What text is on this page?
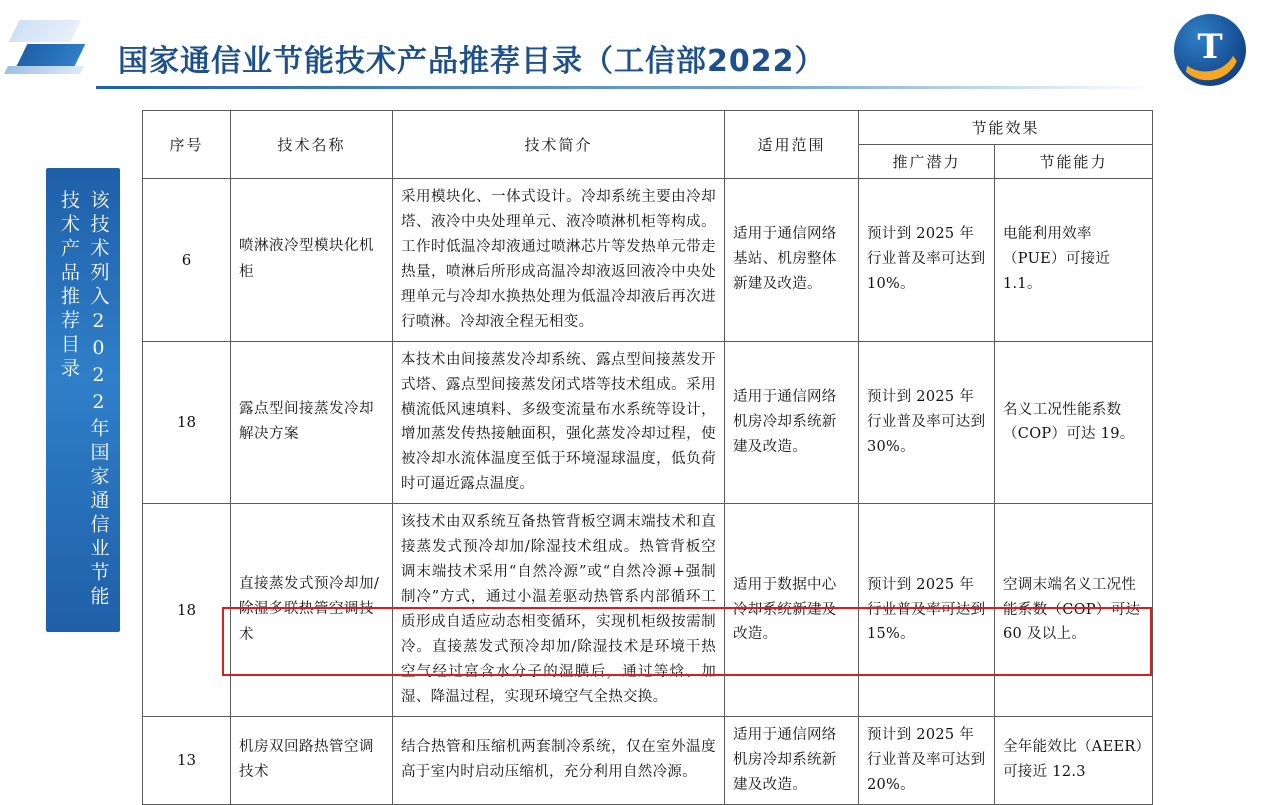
国家通信业节能技术产品推荐目录（工信部2022）	T
该技术列入2022年国家通信业节能技术产品推荐目录
序号	技术名称	技术简介	适用范围	节能效果	
				推广潜力	节能能力
6	喷淋液冷型模块化机柜	采用模块化、一体式设计。冷却系统主要由冷却塔、液冷中央处理单元、液冷喷淋机柜等构成。工作时低温冷却液通过喷淋芯片等发热单元带走热量，喷淋后所形成高温冷却液返回液冷中央处理单元与冷却水换热处理为低温冷却液后再次进行喷淋。冷却液全程无相变。	适用于通信网络基站、机房整体新建及改造。	预计到 2025 年行业普及率可达到 10%。	电能利用效率（PUE）可接近 1.1。
18	露点型间接蒸发冷却解决方案	本技术由间接蒸发冷却系统、露点型间接蒸发开式塔、露点型间接蒸发闭式塔等技术组成。采用横流低风速填料、多级变流量布水系统等设计，增加蒸发传热接触面积，强化蒸发冷却过程，使被冷却水流体温度至低于环境湿球温度，低负荷时可逼近露点温度。	适用于通信网络机房冷却系统新建及改造。	预计到 2025 年行业普及率可达到 30%。	名义工况性能系数（COP）可达 19。
18	直接蒸发式预冷却加/除湿多联热管空调技术	该技术由双系统互备热管背板空调末端技术和直接蒸发式预冷却加/除湿技术组成。热管背板空调末端技术采用“自然冷源”或“自然冷源+强制制冷”方式，通过小温差驱动热管系内部循环工质形成自适应动态相变循环，实现机柜级按需制冷。直接蒸发式预冷却加/除湿技术是环境干热空气经过富含水分子的湿膜后，通过等焓、加湿、降温过程，实现环境空气全热交换。	适用于数据中心冷却系统新建及改造。	预计到 2025 年行业普及率可达到 15%。	空调末端名义工况性能系数（COP）可达 60 及以上。
13	机房双回路热管空调技术	结合热管和压缩机两套制冷系统，仅在室外温度高于室内时启动压缩机，充分利用自然冷源。	适用于通信网络机房冷却系统新建及改造。	预计到 2025 年行业普及率可达到 20%。	全年能效比（AEER）可接近 12.3
